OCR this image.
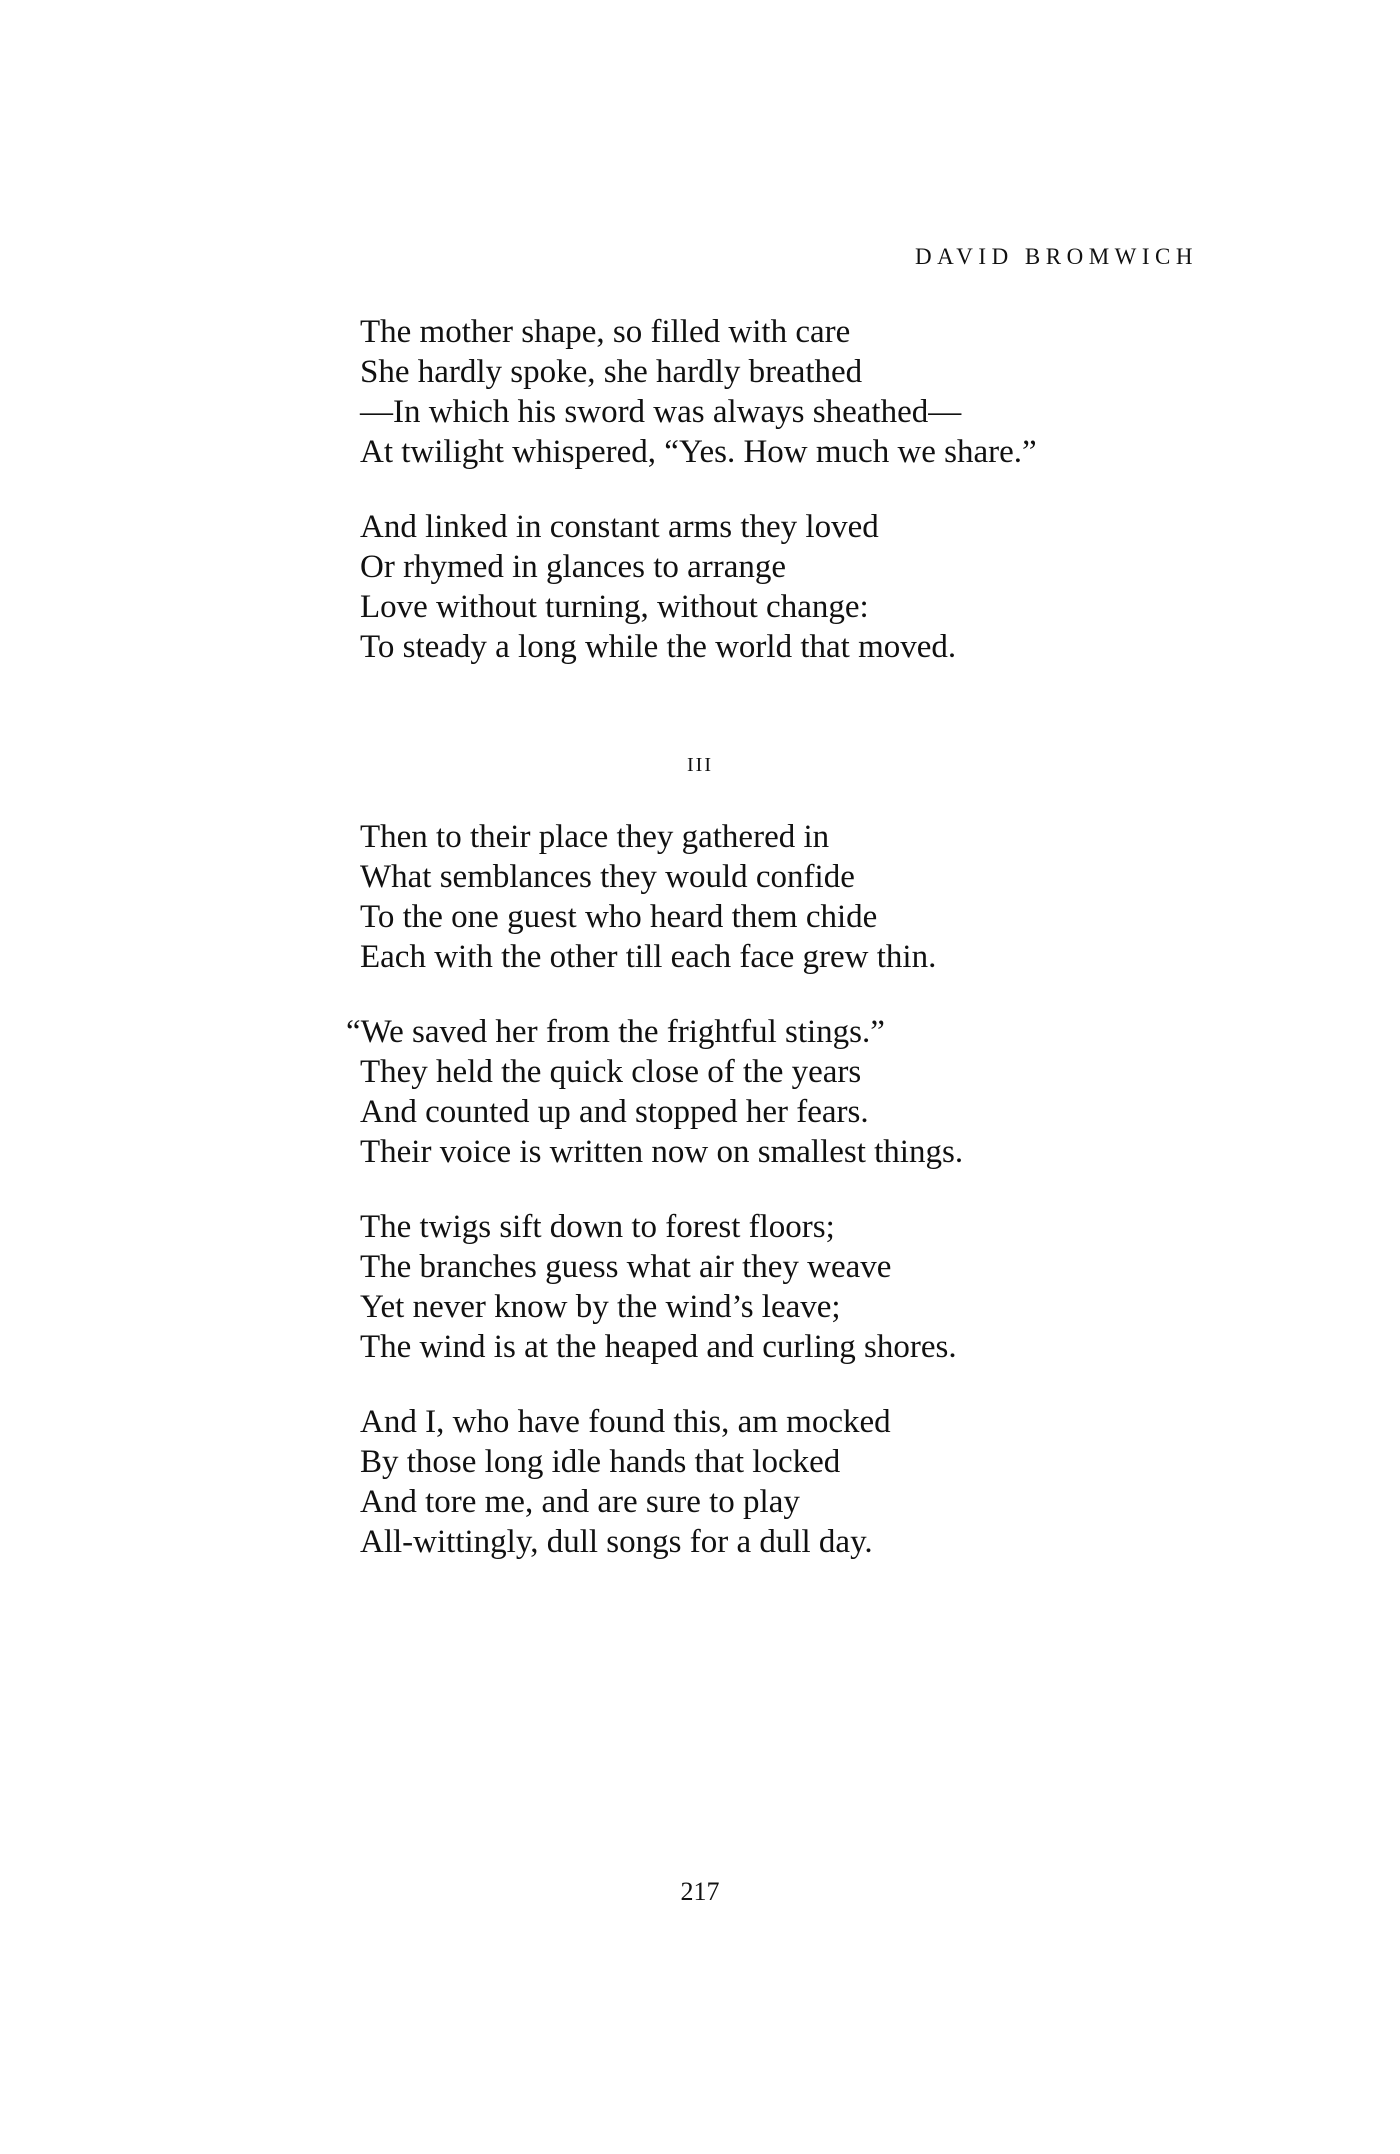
DAVID BROMWICH
The mother shape, so filled with care
She hardly spoke, she hardly breathed
—In which his sword was always sheathed—
At twilight whispered, “Yes. How much we share.”
And linked in constant arms they loved
Or rhymed in glances to arrange
Love without turning, without change:
To steady a long while the world that moved.
III
Then to their place they gathered in
What semblances they would confide
To the one guest who heard them chide
Each with the other till each face grew thin.
“We saved her from the frightful stings.”
They held the quick close of the years
And counted up and stopped her fears.
Their voice is written now on smallest things.
The twigs sift down to forest floors;
The branches guess what air they weave
Yet never know by the wind’s leave;
The wind is at the heaped and curling shores.
And I, who have found this, am mocked
By those long idle hands that locked
And tore me, and are sure to play
All-wittingly, dull songs for a dull day.
217
